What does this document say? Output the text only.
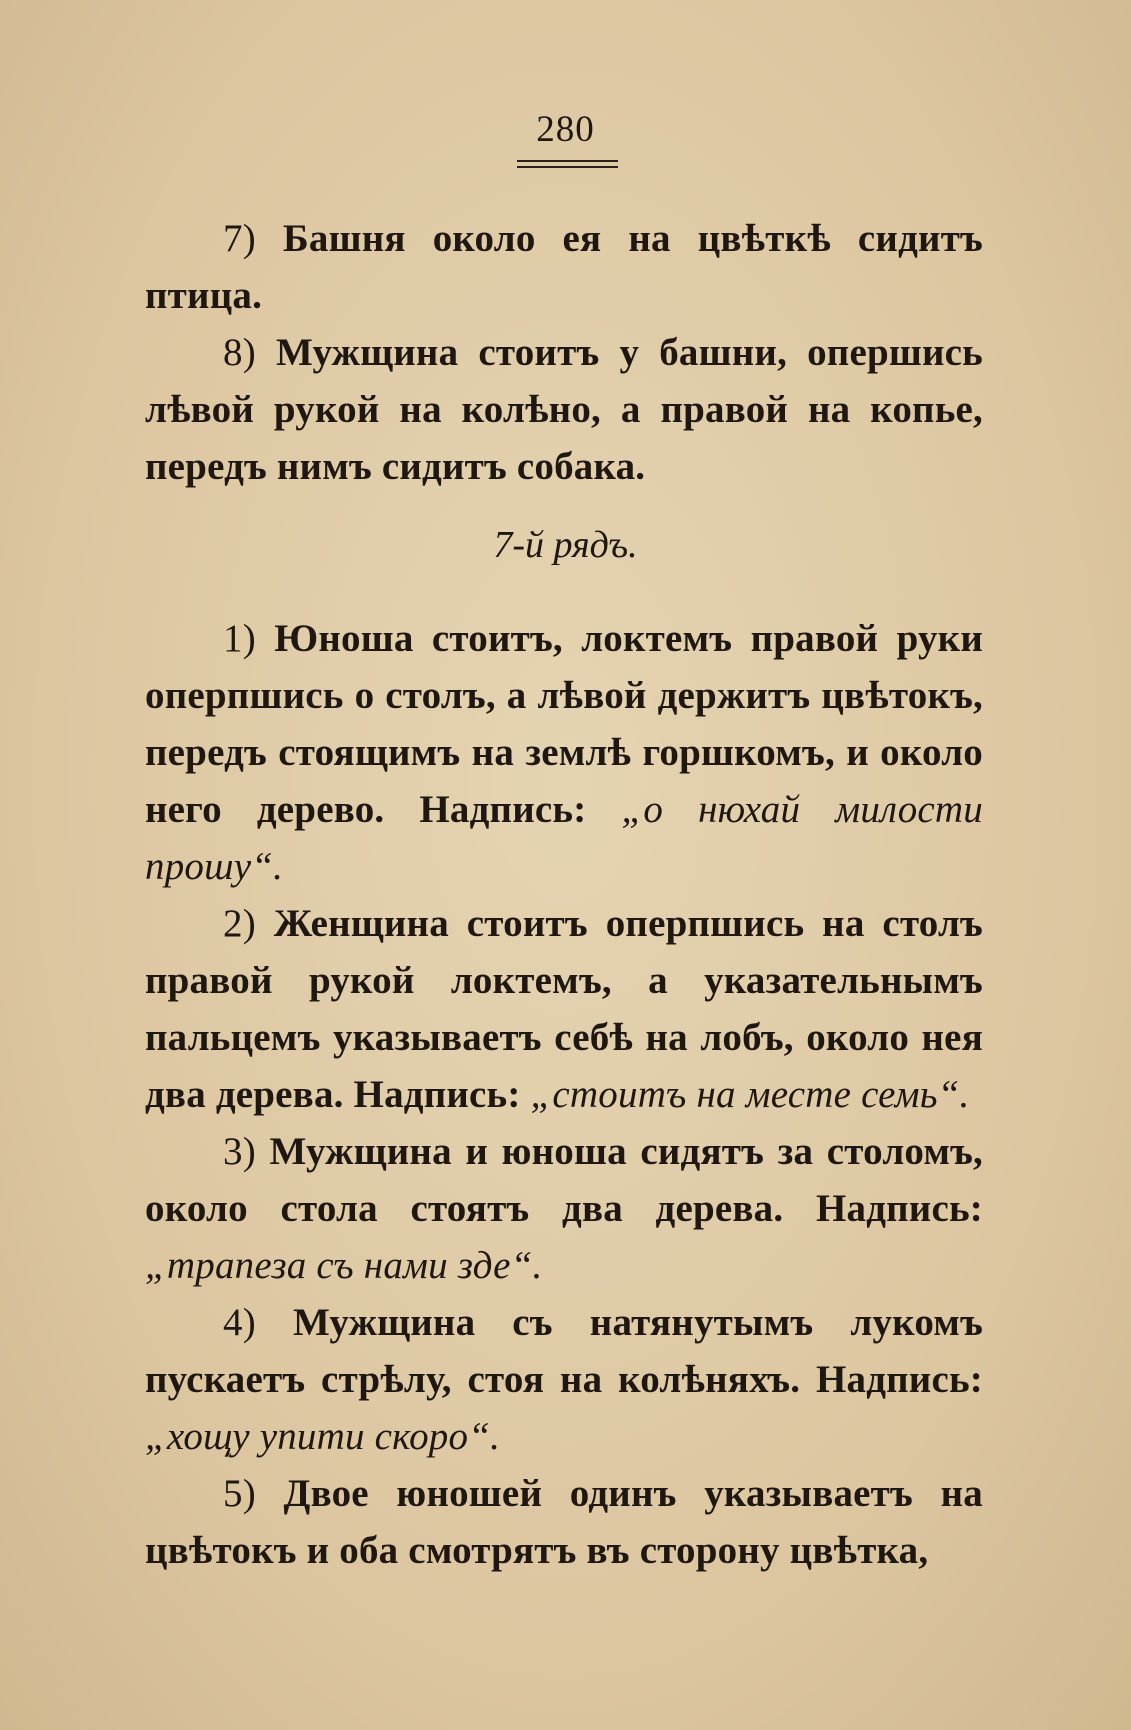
280

7) Башня около ея на цвѣткѣ сидитъ птица.

8) Мужщина стоитъ у башни, опершись лѣвой рукой на колѣно, а правой на копье, передъ нимъ сидитъ собака.

7-й рядъ.

1) Юноша стоитъ, локтемъ правой руки оперпшись о столъ, а лѣвой держитъ цвѣтокъ, передъ стоящимъ на землѣ горшкомъ, и около него дерево. Надпись: „о нюхай милости прошу“.

2) Женщина стоитъ оперпшись на столъ правой рукой локтемъ, а указательнымъ пальцемъ указываетъ себѣ на лобъ, около нея два дерева. Надпись: „стоитъ на месте семь“.

3) Мужщина и юноша сидятъ за столомъ, около стола стоятъ два дерева. Надпись: „трапеза съ нами зде“.

4) Мужщина съ натянутымъ лукомъ пускаетъ стрѣлу, стоя на колѣняхъ. Надпись: „хощу упити скоро“.

5) Двое юношей одинъ указываетъ на цвѣтокъ и оба смотрятъ въ сторону цвѣтка,
